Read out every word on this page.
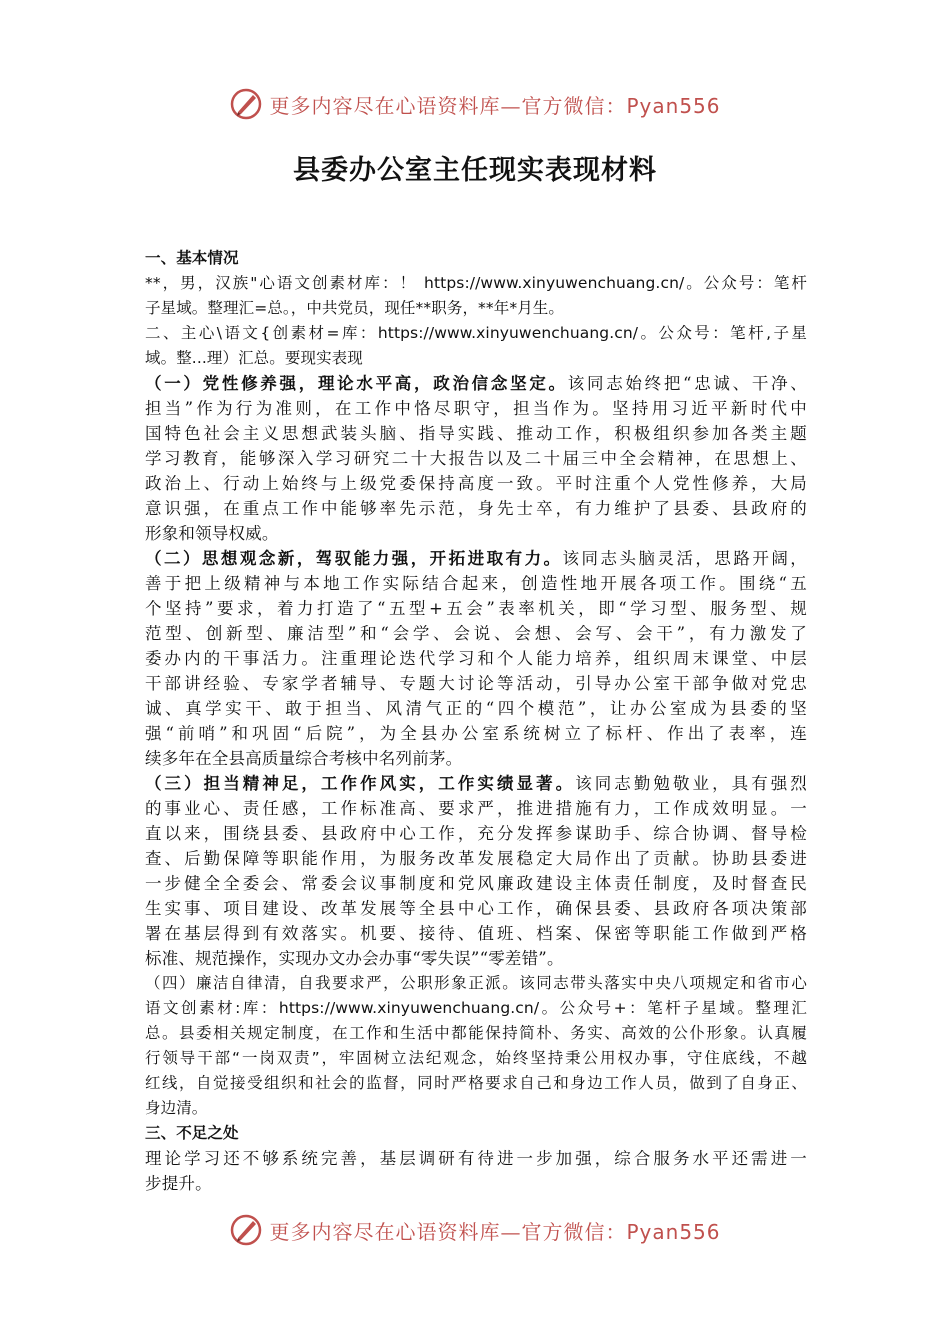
更多内容尽在心语资料库—官方微信：Pyan556
县委办公室主任现实表现材料
一、基本情况
**，男，汉族"心语文创素材库：！ https://www.xinyuwenchuang.cn/。公众号：笔杆
子星域。整理汇=总。，中共党员，现任**职务，**年*月生。
二、主心\语文{创素材=库：https://www.xinyuwenchuang.cn/。公众号：笔杆,子星
域。整...理）汇总。要现实表现
（一）党性修养强，理论水平高，政治信念坚定。该同志始终把“忠诚、干净、
担当”作为行为准则，在工作中恪尽职守，担当作为。坚持用习近平新时代中
国特色社会主义思想武装头脑、指导实践、推动工作，积极组织参加各类主题
学习教育，能够深入学习研究二十大报告以及二十届三中全会精神，在思想上、
政治上、行动上始终与上级党委保持高度一致。平时注重个人党性修养，大局
意识强，在重点工作中能够率先示范，身先士卒，有力维护了县委、县政府的
形象和领导权威。
（二）思想观念新，驾驭能力强，开拓进取有力。该同志头脑灵活，思路开阔，
善于把上级精神与本地工作实际结合起来，创造性地开展各项工作。围绕“五
个坚持”要求，着力打造了“五型+五会”表率机关，即“学习型、服务型、规
范型、创新型、廉洁型”和“会学、会说、会想、会写、会干”，有力激发了
委办内的干事活力。注重理论迭代学习和个人能力培养，组织周末课堂、中层
干部讲经验、专家学者辅导、专题大讨论等活动，引导办公室干部争做对党忠
诚、真学实干、敢于担当、风清气正的“四个模范”，让办公室成为县委的坚
强“前哨”和巩固“后院”，为全县办公室系统树立了标杆、作出了表率，连
续多年在全县高质量综合考核中名列前茅。
（三）担当精神足，工作作风实，工作实绩显著。该同志勤勉敬业，具有强烈
的事业心、责任感，工作标准高、要求严，推进措施有力，工作成效明显。一
直以来，围绕县委、县政府中心工作，充分发挥参谋助手、综合协调、督导检
查、后勤保障等职能作用，为服务改革发展稳定大局作出了贡献。协助县委进
一步健全全委会、常委会议事制度和党风廉政建设主体责任制度，及时督查民
生实事、项目建设、改革发展等全县中心工作，确保县委、县政府各项决策部
署在基层得到有效落实。机要、接待、值班、档案、保密等职能工作做到严格
标准、规范操作，实现办文办会办事“零失误”“零差错”。
（四）廉洁自律清，自我要求严，公职形象正派。该同志带头落实中央八项规定和省市心
语文创素材:库：https://www.xinyuwenchuang.cn/。公众号+：笔杆子星域。整理汇
总。县委相关规定制度，在工作和生活中都能保持简朴、务实、高效的公仆形象。认真履
行领导干部“一岗双责”，牢固树立法纪观念，始终坚持秉公用权办事，守住底线，不越
红线，自觉接受组织和社会的监督，同时严格要求自己和身边工作人员，做到了自身正、
身边清。
三、不足之处
理论学习还不够系统完善，基层调研有待进一步加强，综合服务水平还需进一
步提升。
更多内容尽在心语资料库—官方微信：Pyan556
